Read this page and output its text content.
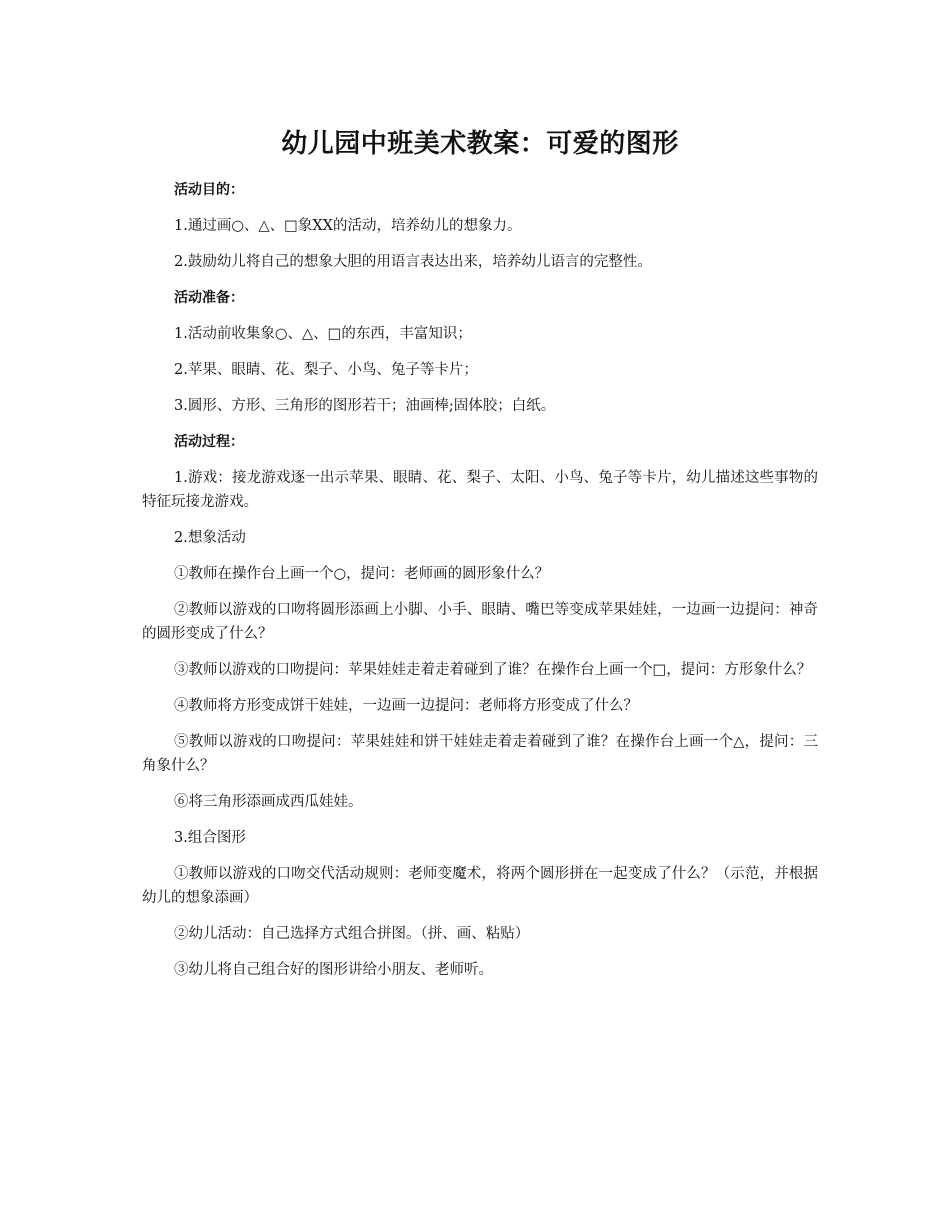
幼儿园中班美术教案：可爱的图形
活动目的：

1.通过画○、△、□象XX的活动，培养幼儿的想象力。

2.鼓励幼儿将自己的想象大胆的用语言表达出来，培养幼儿语言的完整性。

活动准备：

1.活动前收集象○、△、□的东西，丰富知识；

2.苹果、眼睛、花、梨子、小鸟、兔子等卡片；

3.圆形、方形、三角形的图形若干；油画棒;固体胶；白纸。

活动过程：

1.游戏：接龙游戏逐一出示苹果、眼睛、花、梨子、太阳、小鸟、兔子等卡片，幼儿描述这些事物的特征玩接龙游戏。

2.想象活动

①教师在操作台上画一个○，提问：老师画的圆形象什么？

②教师以游戏的口吻将圆形添画上小脚、小手、眼睛、嘴巴等变成苹果娃娃，一边画一边提问：神奇的圆形变成了什么？

③教师以游戏的口吻提问：苹果娃娃走着走着碰到了谁？在操作台上画一个□，提问：方形象什么？

④教师将方形变成饼干娃娃，一边画一边提问：老师将方形变成了什么？

⑤教师以游戏的口吻提问：苹果娃娃和饼干娃娃走着走着碰到了谁？在操作台上画一个△，提问：三角象什么？

⑥将三角形添画成西瓜娃娃。

3.组合图形

①教师以游戏的口吻交代活动规则：老师变魔术，将两个圆形拼在一起变成了什么？（示范，并根据幼儿的想象添画）

②幼儿活动：自己选择方式组合拼图。（拼、画、粘贴）

③幼儿将自己组合好的图形讲给小朋友、老师听。
